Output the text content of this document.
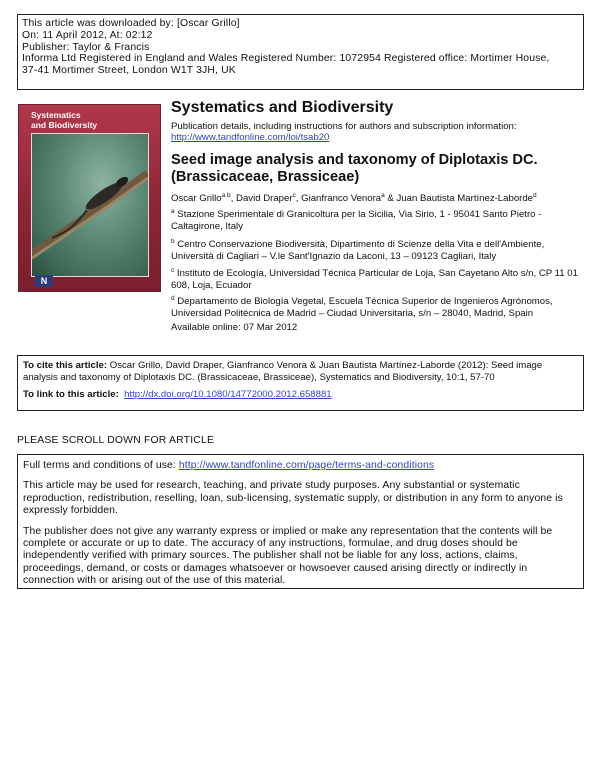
This article was downloaded by: [Oscar Grillo]
On: 11 April 2012, At: 02:12
Publisher: Taylor & Francis
Informa Ltd Registered in England and Wales Registered Number: 1072954 Registered office: Mortimer House,
37-41 Mortimer Street, London W1T 3JH, UK
Systematics
and Biodiversity
N
Systematics and Biodiversity
Publication details, including instructions for authors and subscription information:
http://www.tandfonline.com/loi/tsab20
Seed image analysis and taxonomy of Diplotaxis DC.
(Brassicaceae, Brassiceae)
Oscar Grillo$^{a b}$, David Draper$^c$, Gianfranco Venora$^a$ & Juan Bautista Martínez-Laborde$^d$
$^a$ Stazione Sperimentale di Granicoltura per la Sicilia, Via Sirio, 1 - 95041 Santo Pietro - Caltagirone, Italy
$^b$ Centro Conservazione Biodiversità, Dipartimento di Scienze della Vita e dell'Ambiente, Università di Cagliari – V.le Sant'Ignazio da Laconi, 13 – 09123 Cagliari, Italy
$^c$ Instituto de Ecología, Universidad Técnica Particular de Loja, San Cayetano Alto s/n, CP 11 01 608, Loja, Ecuador
$^d$ Departamento de Biología Vegetal, Escuela Técnica Superior de Ingenieros Agrónomos, Universidad Politécnica de Madrid – Ciudad Universitaria, s/n – 28040, Madrid, Spain
Available online: 07 Mar 2012
To cite this article: Oscar Grillo, David Draper, Gianfranco Venora & Juan Bautista Martínez-Laborde (2012): Seed image analysis and taxonomy of Diplotaxis DC. (Brassicaceae, Brassiceae), Systematics and Biodiversity, 10:1, 57-70
To link to this article: http://dx.doi.org/10.1080/14772000.2012.658881
PLEASE SCROLL DOWN FOR ARTICLE

Full terms and conditions of use: http://www.tandfonline.com/page/terms-and-conditions

This article may be used for research, teaching, and private study purposes. Any substantial or systematic reproduction, redistribution, reselling, loan, sub-licensing, systematic supply, or distribution in any form to anyone is expressly forbidden.

The publisher does not give any warranty express or implied or make any representation that the contents will be complete or accurate or up to date. The accuracy of any instructions, formulae, and drug doses should be independently verified with primary sources. The publisher shall not be liable for any loss, actions, claims, proceedings, demand, or costs or damages whatsoever or howsoever caused arising directly or indirectly in connection with or arising out of the use of this material.
